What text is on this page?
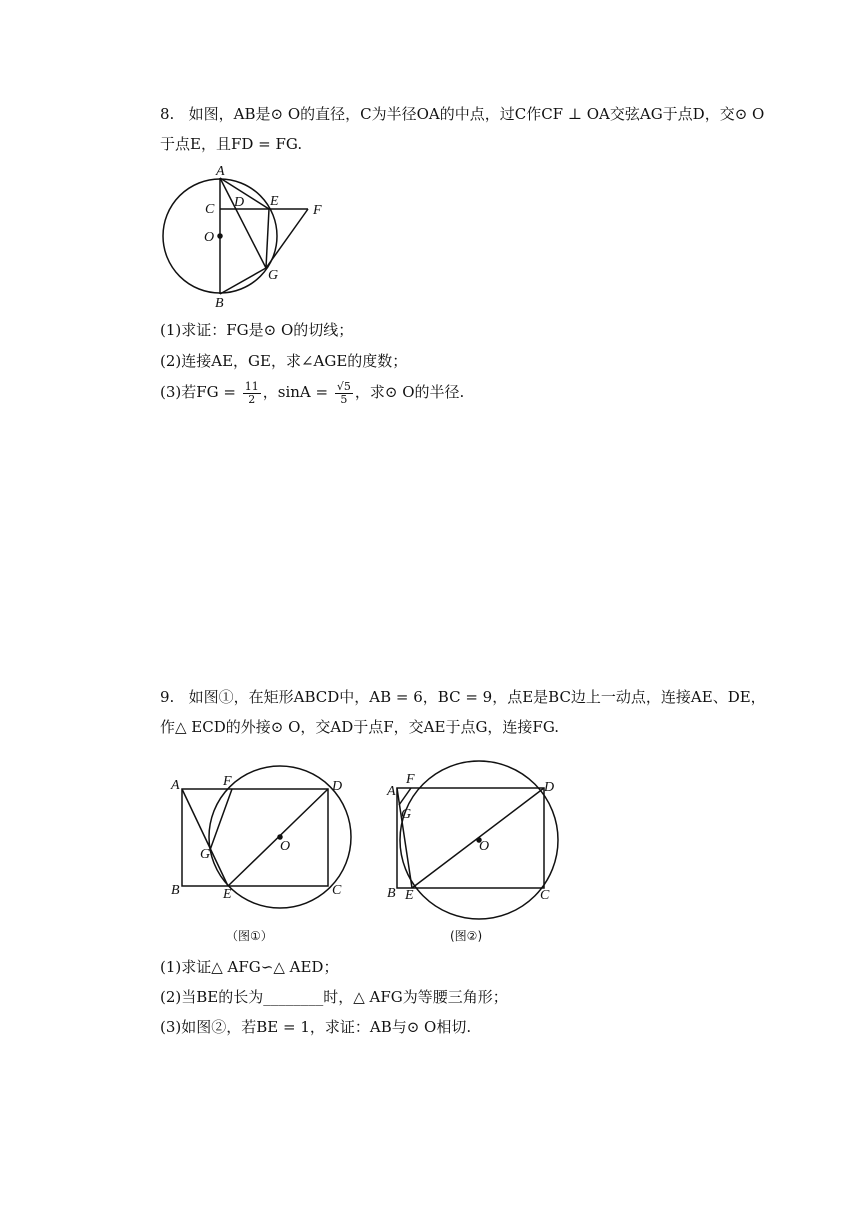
8. 如图，AB是⊙ O的直径，C为半径OA的中点，过C作CF ⊥ OA交弦AG于点D，交⊙ O
于点E，且FD = FG.
A
C
O
D E
F
G
B
(1)求证：FG是⊙ O的切线；
(2)连接AE，GE，求∠AGE的度数；
(3)若FG = $\frac{11}{2}$ ，$\sin A = \frac{√5}{5}$ ，求⊙ O的半径.
9. 如图①，在矩形ABCD中，AB = 6，BC = 9，点E是BC边上一动点，连接AE、DE，
作△ ECD的外接⊙ O，交AD于点F，交AE于点G，连接FG.
A	F	D
O
G
B	E	C
（图①）
A
F
G
D
O
B E	C
(图②)
(1)求证△ AFG∽△ AED；
(2)当BE的长为________时，△ AFG为等腰三角形；
(3)如图②，若BE = 1，求证：AB与⊙ O相切.
